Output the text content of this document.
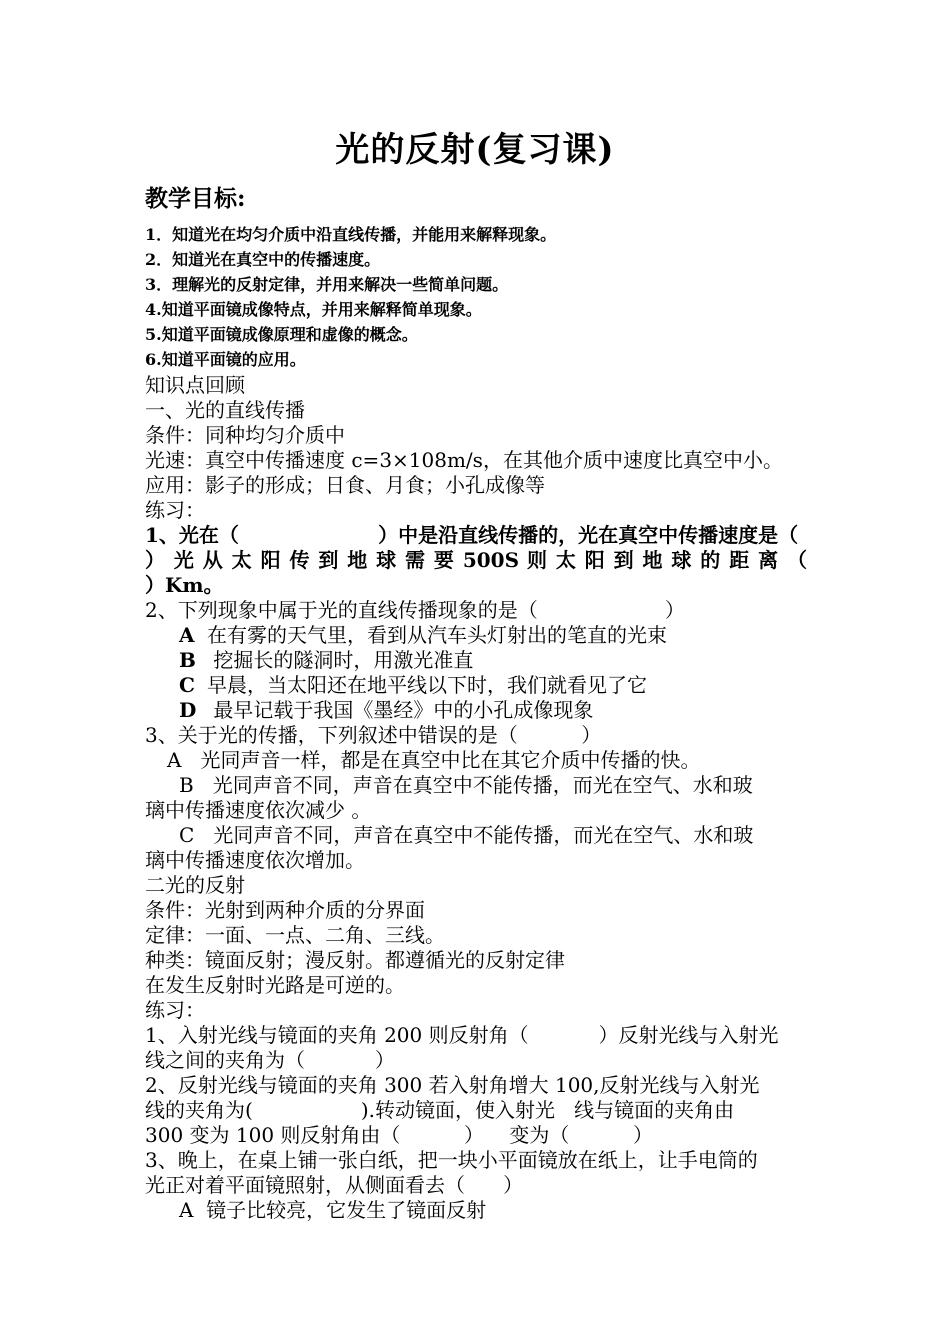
光的反射(复习课)
教学目标:
1．知道光在均匀介质中沿直线传播，并能用来解释现象。
2．知道光在真空中的传播速度。
3．理解光的反射定律，并用来解决一些简单问题。
4.知道平面镜成像特点，并用来解释简单现象。
5.知道平面镜成像原理和虚像的概念。
6.知道平面镜的应用。
知识点回顾
一、光的直线传播
条件：同种均匀介质中
光速：真空中传播速度 c=3×108m/s，在其他介质中速度比真空中小。
应用：影子的形成；日食、月食；小孔成像等
练习：
1、光在（                    ）中是沿直线传播的，光在真空中传播速度是（
） 光 从 太 阳 传 到 地 球 需 要 500S 则 太 阳 到 地 球 的 距 离 （
）Km。
2、下列现象中属于光的直线传播现象的是（                    ）
A 在有雾的天气里，看到从汽车头灯射出的笔直的光束
B 挖掘长的隧洞时，用激光准直
C 早晨，当太阳还在地平线以下时，我们就看见了它
D 最早记载于我国《墨经》中的小孔成像现象
3、关于光的传播，下列叙述中错误的是（          ）
A   光同声音一样，都是在真空中比在其它介质中传播的快。
B   光同声音不同，声音在真空中不能传播，而光在空气、水和玻
璃中传播速度依次减少 。
C   光同声音不同，声音在真空中不能传播，而光在空气、水和玻
璃中传播速度依次增加。
二光的反射
条件：光射到两种介质的分界面
定律：一面、一点、二角、三线。
种类：镜面反射；漫反射。都遵循光的反射定律
在发生反射时光路是可逆的。
练习：
1、入射光线与镜面的夹角 200 则反射角（           ）反射光线与入射光
线之间的夹角为（           ）
2、反射光线与镜面的夹角 300 若入射角增大 100,反射光线与入射光
线的夹角为(                 ).转动镜面，使入射光   线与镜面的夹角由
300 变为 100 则反射角由（          ）    变为（          ）
3、晚上，在桌上铺一张白纸，把一块小平面镜放在纸上，让手电筒的
光正对着平面镜照射，从侧面看去（      ）
A  镜子比较亮，它发生了镜面反射
